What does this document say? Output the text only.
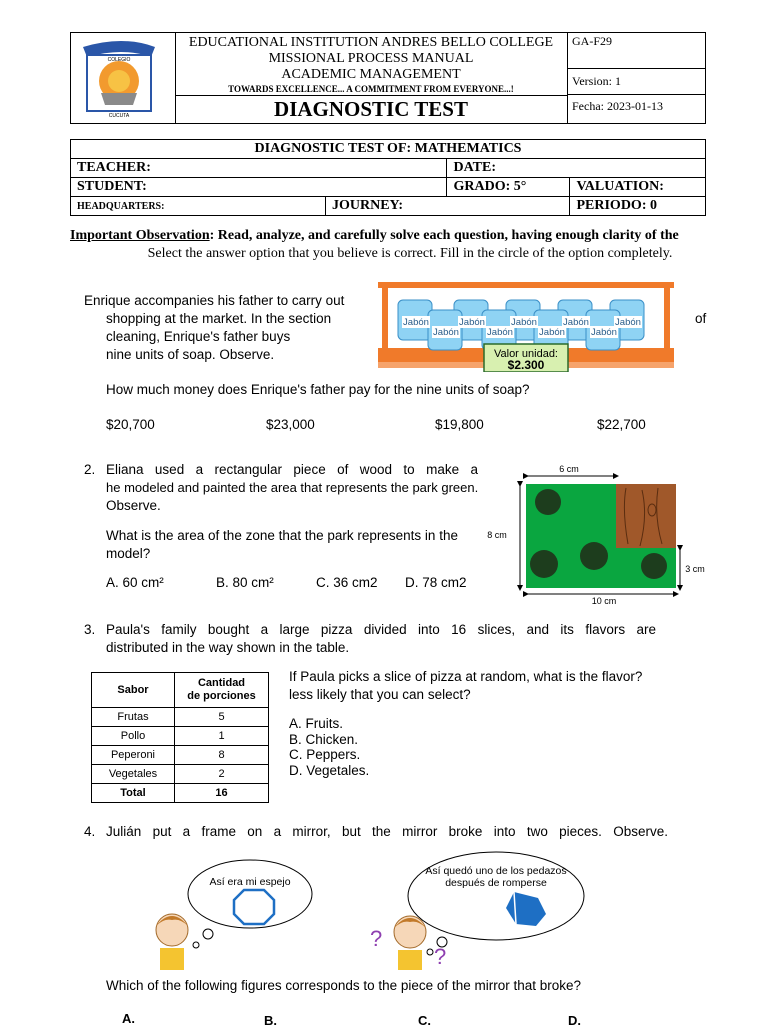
COLEGIO
CUCUTA
EDUCATIONAL INSTITUTION ANDRES BELLO COLLEGE
MISSIONAL PROCESS MANUAL
ACADEMIC MANAGEMENT
TOWARDS EXCELLENCE... A COMMITMENT FROM EVERYONE...!
DIAGNOSTIC TEST
GA-F29
Version: 1
Fecha: 2023-01-13
DIAGNOSTIC TEST OF: MATHEMATICS			
TEACHER:		DATE:	
STUDENT:		GRADO: 5°	VALUATION:
HEADQUARTERS:	JOURNEY:		PERIODO: 0
Important Observation: Read, analyze, and carefully solve each question, having enough clarity of the
Select the answer option that you believe is correct. Fill in the circle of the option completely.
Enrique accompanies his father to carry out
of
shopping at the market. In the section
cleaning, Enrique's father buys
nine units of soap. Observe.
Jabón	Jabón	Jabón	Jabón	Jabón
Jabón	Jabón	Jabón	Jabón
Valor unidad:
$2.300
How much money does Enrique's father pay for the nine units of soap?
$20,700	$23,000	$19,800	$22,700
2. Eliana used a rectangular piece of wood to make a
he modeled and painted the area that represents the park green.
Observe.
What is the area of the zone that the park represents in the
model?
A. 60 cm²	B. 80 cm²	C. 36 cm2 D. 78 cm2
6 cm
8 cm
3 cm
10 cm
3. Paula's family bought a large pizza divided into 16 slices, and its flavors are
distributed in the way shown in the table.
Sabor	Cantidad
de porciones
Frutas	5
Pollo	1
Peperoni	8
Vegetales	2
Total	16
If Paula picks a slice of pizza at random, what is the flavor?
less likely that you can select?
A. Fruits.
B. Chicken.
C. Peppers.
D. Vegetales.
4. Julián put a frame on a mirror, but the mirror broke into two pieces. Observe.
Así era mi espejo
Así quedó uno de los pedazos
después de romperse
?
?
Which of the following figures corresponds to the piece of the mirror that broke?
A.	B.	C.	D.
